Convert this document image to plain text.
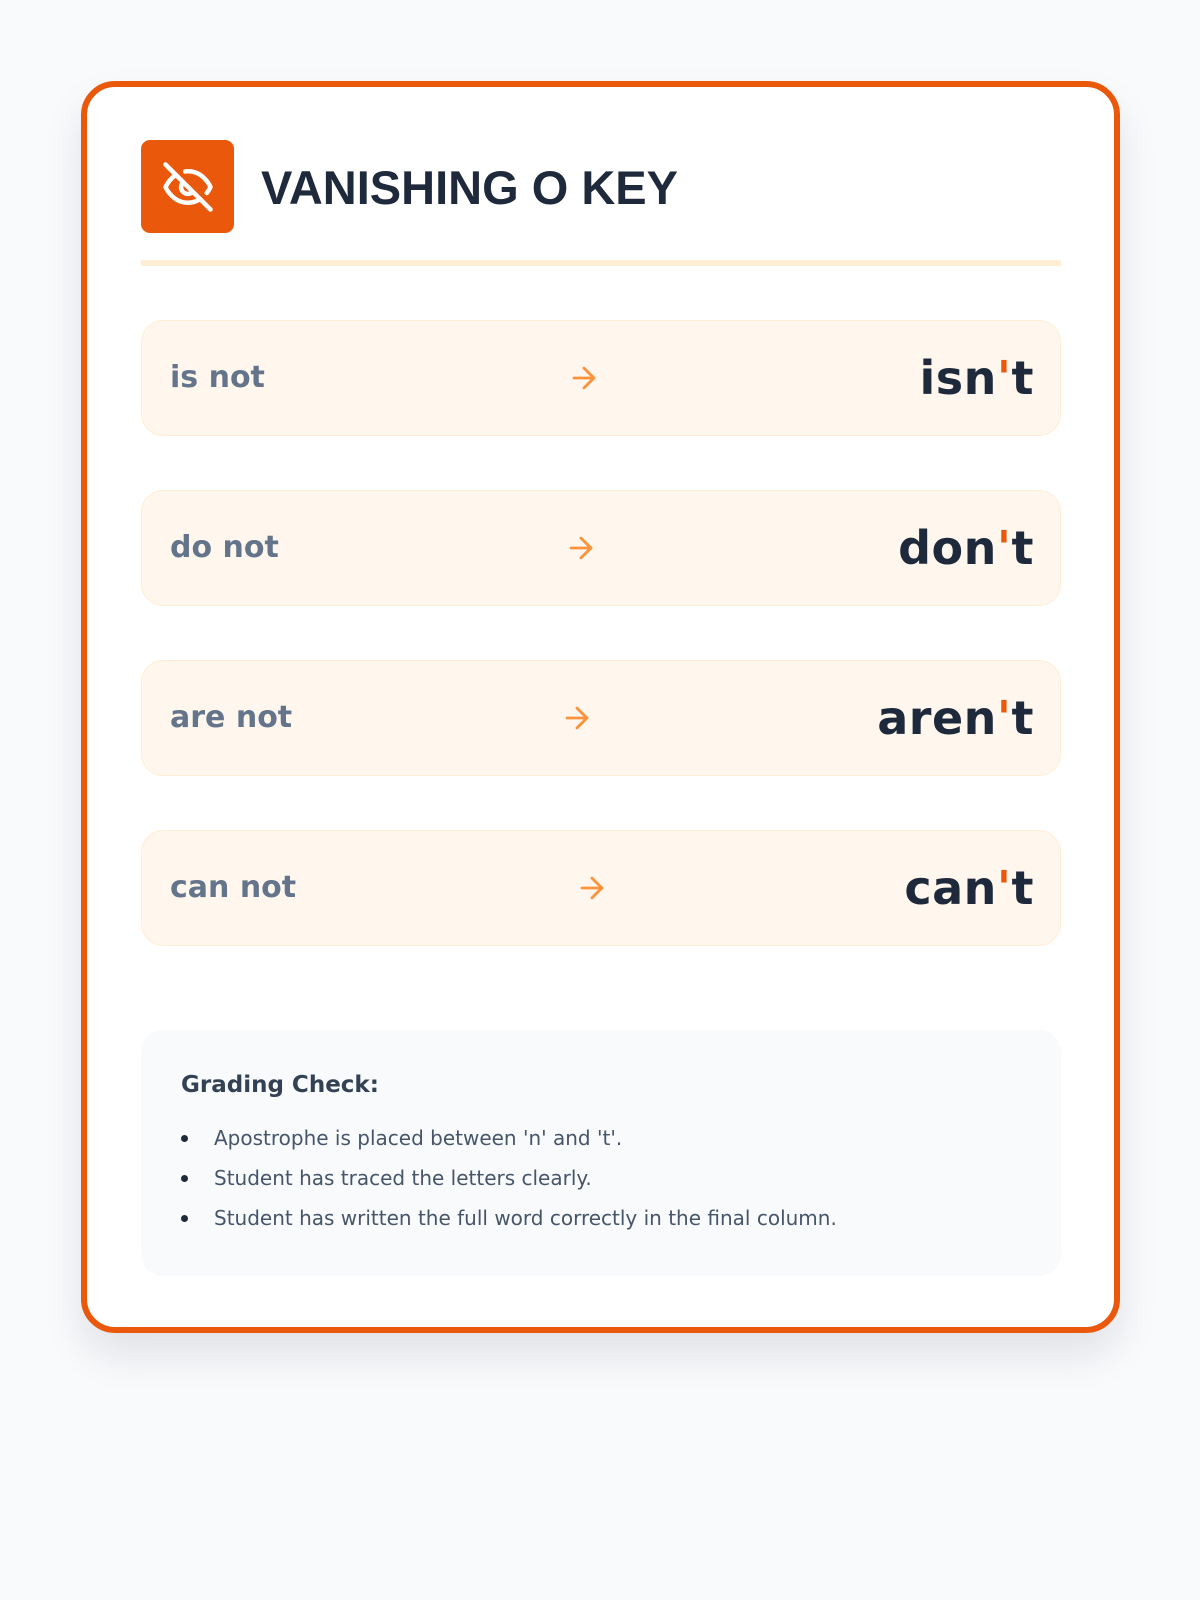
VANISHING O KEY
is not	isn't
do not	don't
are not	aren't
can not	can't
Grading Check:
Apostrophe is placed between 'n' and 't'.
Student has traced the letters clearly.
Student has written the full word correctly in the final column.
